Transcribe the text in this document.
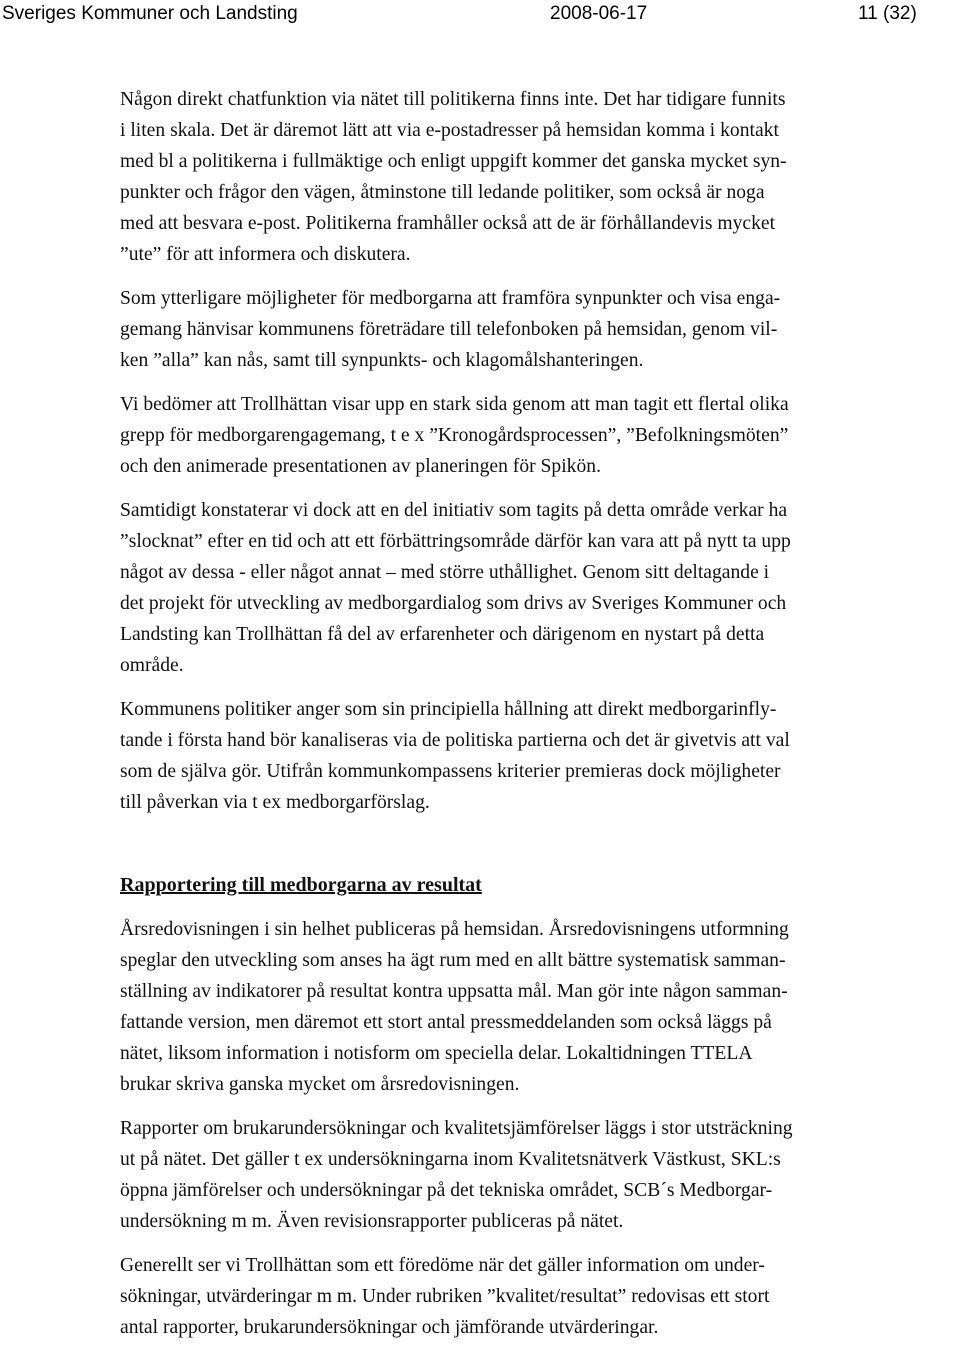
Sveriges Kommuner och Landsting	2008-06-17	11 (32)

Någon direkt chatfunktion via nätet till politikerna finns inte. Det har tidigare funnits
i liten skala. Det är däremot lätt att via e-postadresser på hemsidan komma i kontakt
med bl a politikerna i fullmäktige och enligt uppgift kommer det ganska mycket syn-
punkter och frågor den vägen, åtminstone till ledande politiker, som också är noga
med att besvara e-post. Politikerna framhåller också att de är förhållandevis mycket
”ute” för att informera och diskutera.

Som ytterligare möjligheter för medborgarna att framföra synpunkter och visa enga-
gemang hänvisar kommunens företrädare till telefonboken på hemsidan, genom vil-
ken ”alla” kan nås, samt till synpunkts- och klagomålshanteringen.

Vi bedömer att Trollhättan visar upp en stark sida genom att man tagit ett flertal olika
grepp för medborgarengagemang, t e x ”Kronogårdsprocessen”, ”Befolkningsmöten”
och den animerade presentationen av planeringen för Spikön.

Samtidigt konstaterar vi dock att en del initiativ som tagits på detta område verkar ha
”slocknat” efter en tid och att ett förbättringsområde därför kan vara att på nytt ta upp
något av dessa - eller något annat – med större uthållighet. Genom sitt deltagande i
det projekt för utveckling av medborgardialog som drivs av Sveriges Kommuner och
Landsting kan Trollhättan få del av erfarenheter och därigenom en nystart på detta
område.

Kommunens politiker anger som sin principiella hållning att direkt medborgarinfly-
tande i första hand bör kanaliseras via de politiska partierna och det är givetvis att val
som de själva gör. Utifrån kommunkompassens kriterier premieras dock möjligheter
till påverkan via t ex medborgarförslag.

Rapportering till medborgarna av resultat

Årsredovisningen i sin helhet publiceras på hemsidan. Årsredovisningens utformning
speglar den utveckling som anses ha ägt rum med en allt bättre systematisk samman-
ställning av indikatorer på resultat kontra uppsatta mål. Man gör inte någon samman-
fattande version, men däremot ett stort antal pressmeddelanden som också läggs på
nätet, liksom information i notisform om speciella delar. Lokaltidningen TTELA
brukar skriva ganska mycket om årsredovisningen.

Rapporter om brukarundersökningar och kvalitetsjämförelser läggs i stor utsträckning
ut på nätet. Det gäller t ex undersökningarna inom Kvalitetsnätverk Västkust, SKL:s
öppna jämförelser och undersökningar på det tekniska området, SCB´s Medborgar-
undersökning m m. Även revisionsrapporter publiceras på nätet.

Generellt ser vi Trollhättan som ett föredöme när det gäller information om under-
sökningar, utvärderingar m m. Under rubriken ”kvalitet/resultat” redovisas ett stort
antal rapporter, brukarundersökningar och jämförande utvärderingar.
